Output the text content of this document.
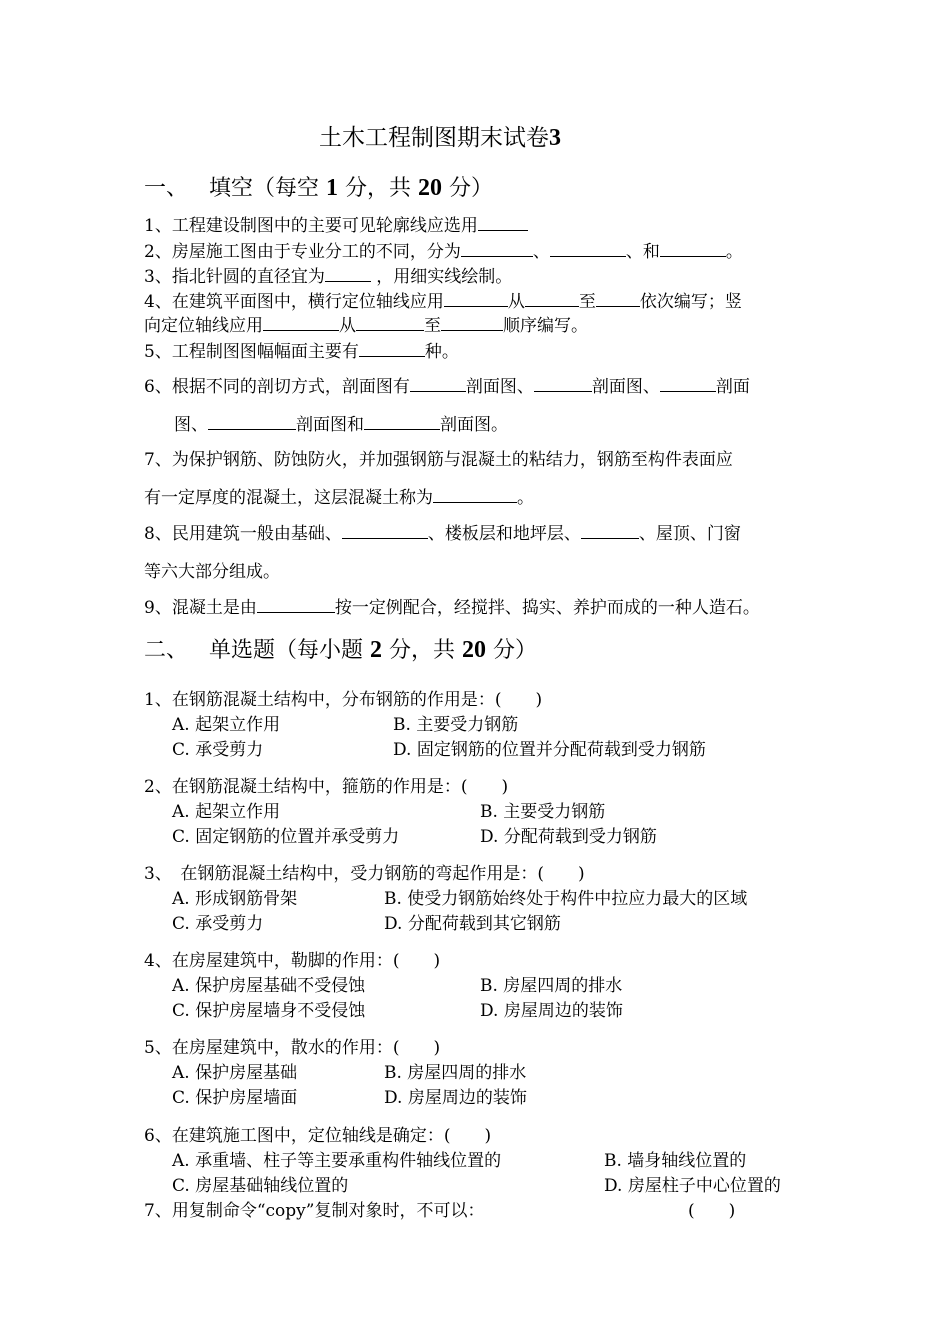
土木工程制图期末试卷3
一、 填空（每空 1 分，共 20 分）
1、工程建设制图中的主要可见轮廓线应选用
2、房屋施工图由于专业分工的不同，分为	、	、和	。
3、指北针圆的直径宜为	，用细实线绘制。
4、在建筑平面图中，横行定位轴线应用	从	至	依次编写；竖
向定位轴线应用	从	至	顺序编写。
5、工程制图图幅幅面主要有	种。
6、根据不同的剖切方式，剖面图有	剖面图、	剖面图、	剖面
图、	剖面图和	剖面图。
7、为保护钢筋、防蚀防火，并加强钢筋与混凝土的粘结力，钢筋至构件表面应
有一定厚度的混凝土，这层混凝土称为	。
8、民用建筑一般由基础、	、楼板层和地坪层、	、屋顶、门窗
等六大部分组成。
9、混凝土是由	按一定例配合，经搅拌、捣实、养护而成的一种人造石。
二、 单选题（每小题 2 分，共 20 分）
1、在钢筋混凝土结构中，分布钢筋的作用是：(　　)
A. 起架立作用	B. 主要受力钢筋
C. 承受剪力	D. 固定钢筋的位置并分配荷载到受力钢筋
2、在钢筋混凝土结构中，箍筋的作用是：(　　)
A. 起架立作用	B. 主要受力钢筋
C. 固定钢筋的位置并承受剪力	D. 分配荷载到受力钢筋
3、　在钢筋混凝土结构中，受力钢筋的弯起作用是：(　　)
A. 形成钢筋骨架	B. 使受力钢筋始终处于构件中拉应力最大的区域
C. 承受剪力	D. 分配荷载到其它钢筋
4、在房屋建筑中，勒脚的作用：(　　)
A. 保护房屋基础不受侵蚀	B. 房屋四周的排水
C. 保护房屋墙身不受侵蚀	D. 房屋周边的装饰
5、在房屋建筑中，散水的作用：(　　)
A. 保护房屋基础	B. 房屋四周的排水
C. 保护房屋墙面	D. 房屋周边的装饰
6、在建筑施工图中，定位轴线是确定：(　　)
A. 承重墙、柱子等主要承重构件轴线位置的	B. 墙身轴线位置的
C. 房屋基础轴线位置的	D. 房屋柱子中心位置的
7、用复制命令“copy”复制对象时，不可以：	(　　)
